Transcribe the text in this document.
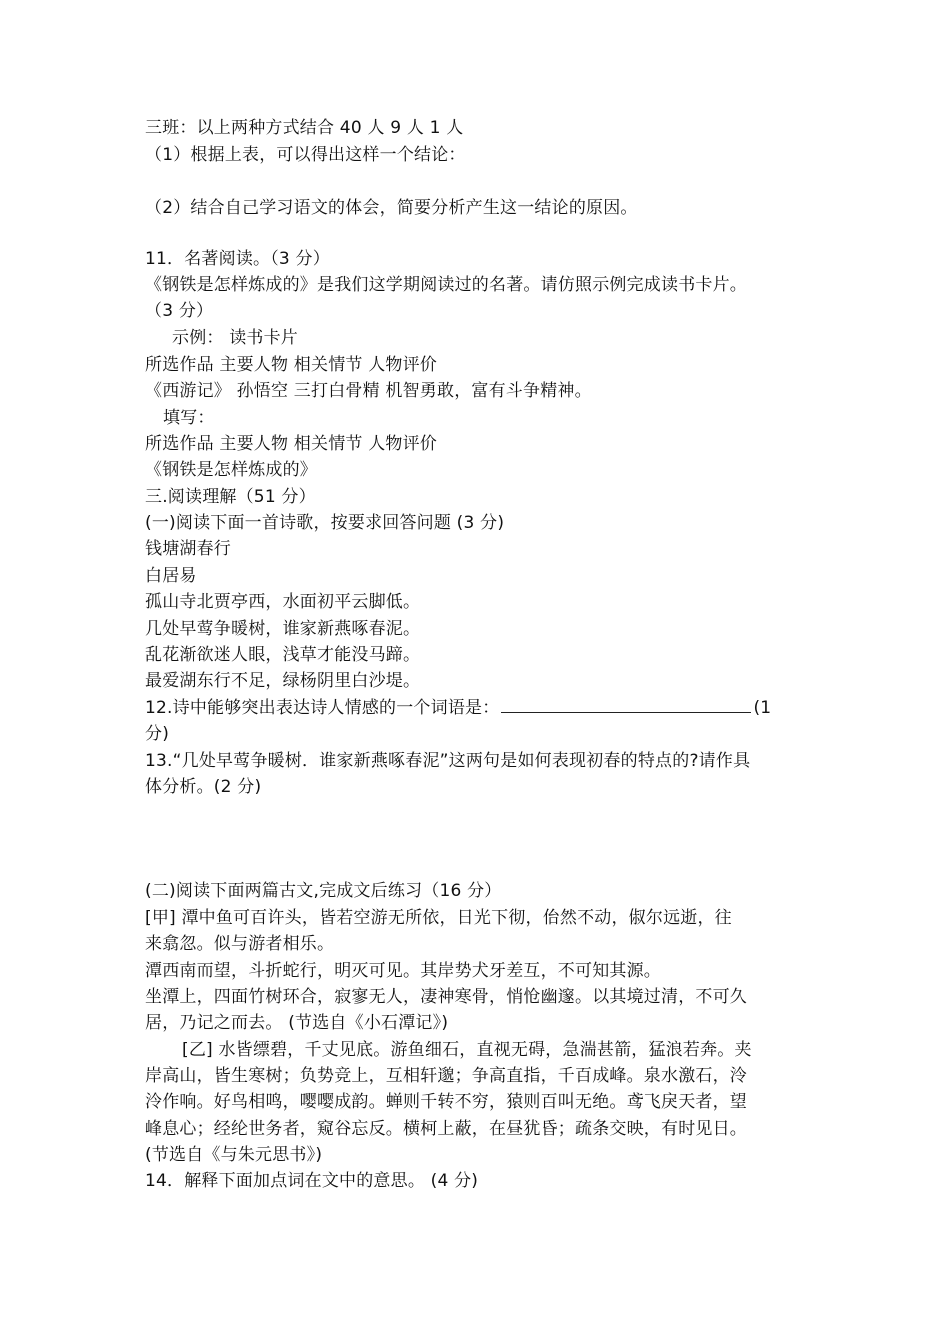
三班：以上两种方式结合 40 人 9 人 1 人
（1）根据上表，可以得出这样一个结论：
（2）结合自己学习语文的体会，简要分析产生这一结论的原因。
11．名著阅读。（3 分）
《钢铁是怎样炼成的》是我们这学期阅读过的名著。请仿照示例完成读书卡片。
（3 分）
示例： 读书卡片
所选作品 主要人物 相关情节 人物评价
《西游记》 孙悟空 三打白骨精 机智勇敢，富有斗争精神。
填写：
所选作品 主要人物 相关情节 人物评价
《钢铁是怎样炼成的》
三.阅读理解（51 分）
(一)阅读下面一首诗歌，按要求回答问题 (3 分)
钱塘湖春行
白居易
孤山寺北贾亭西，水面初平云脚低。
几处早莺争暖树，谁家新燕啄春泥。
乱花渐欲迷人眼，浅草才能没马蹄。
最爱湖东行不足，绿杨阴里白沙堤。
12.诗中能够突出表达诗人情感的一个词语是：	(1
分)
13.“几处早莺争暖树．谁家新燕啄春泥”这两句是如何表现初春的特点的?请作具
体分析。(2 分)
(二)阅读下面两篇古文,完成文后练习（16 分）
[甲] 潭中鱼可百许头，皆若空游无所依，日光下彻，佁然不动，俶尔远逝，往
来翕忽。似与游者相乐。
潭西南而望，斗折蛇行，明灭可见。其岸势犬牙差互，不可知其源。
坐潭上，四面竹树环合，寂寥无人，凄神寒骨，悄怆幽邃。以其境过清，不可久
居，乃记之而去。 (节选自《小石潭记》)
[乙] 水皆缥碧，千丈见底。游鱼细石，直视无碍，急湍甚箭，猛浪若奔。夹
岸高山，皆生寒树；负势竞上，互相轩邈；争高直指，千百成峰。泉水激石，泠
泠作响。好鸟相鸣，嘤嘤成韵。蝉则千转不穷，猿则百叫无绝。鸢飞戾天者，望
峰息心；经纶世务者，窥谷忘反。横柯上蔽，在昼犹昏；疏条交映，有时见日。
(节选自《与朱元思书》)
14．解释下面加点词在文中的意思。 (4 分)
